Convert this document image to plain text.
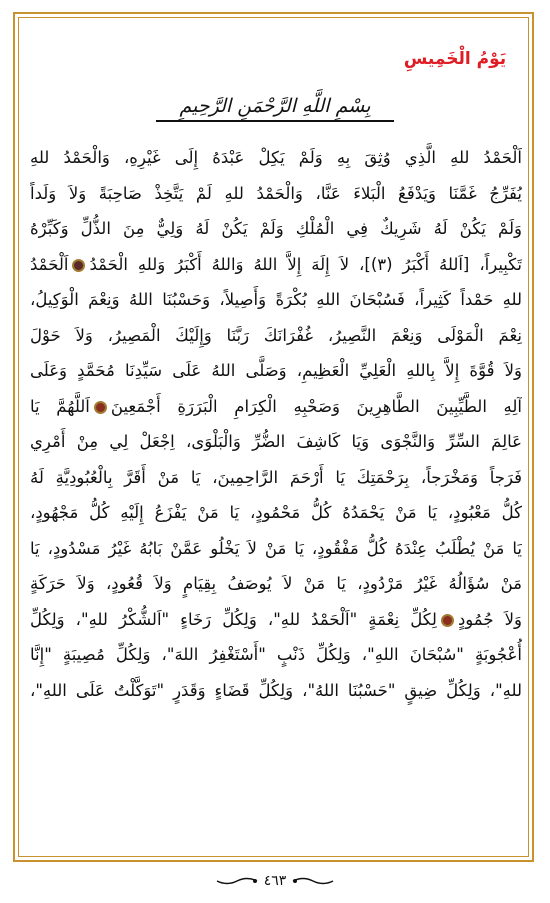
يَوْمُ الْخَمِيسِ
بِسْمِ اللَّهِ الرَّحْمَنِ الرَّحِيمِ
اَلْحَمْدُ للهِ الَّذِي وُثِقَ بِهِ وَلَمْ يَكِلْ عَبْدَهُ إِلَى غَيْرِهِ، وَالْحَمْدُ للهِ
يُفَرِّجُ غَمَّنَا وَيَدْفَعُ الْبَلاءَ عَنَّا، وَالْحَمْدُ للهِ لَمْ يَتَّخِذْ صَاحِبَةً وَلاَ وَلَداً
وَلَمْ يَكُنْ لَهُ شَرِيكٌ فِي الْمُلْكِ وَلَمْ يَكُنْ لَهُ وَلِيٌّ مِنَ الذُّلِّ وَكَبِّرْهُ
تَكْبِيراً، [اَللهُ أَكْبَرُ (٣)]، لاَ إِلَهَ إِلاَّ اللهُ وَاللهُ أَكْبَرُ وَللهِ الْحَمْدُاَلْحَمْدُ
للهِ حَمْداً كَثِيراً، فَسُبْحَانَ اللهِ بُكْرَةً وَأَصِيلاً، وَحَسْبُنَا اللهُ وَنِعْمَ الْوَكِيلُ،
نِعْمَ الْمَوْلَى وَنِعْمَ النَّصِيرُ، غُفْرَانَكَ رَبَّنَا وَإِلَيْكَ الْمَصِيرُ، وَلاَ حَوْلَ
وَلاَ قُوَّةَ إِلاَّ بِاللهِ الْعَلِيِّ الْعَظِيمِ، وَصَلَّى اللهُ عَلَى سَيِّدِنَا مُحَمَّدٍ وَعَلَى
آلِهِ الطَّيِّبِينَ الطَّاهِرِينَ وَصَحْبِهِ الْكِرَامِ الْبَرَرَةِ أَجْمَعِينَاَللَّهُمَّ يَا
عَالِمَ السِّرِّ وَالنَّجْوَى وَيَا كَاشِفَ الضُّرِّ وَالْبَلْوَى، اِجْعَلْ لِي مِنْ أَمْرِي
فَرَجاً وَمَخْرَجاً، بِرَحْمَتِكَ يَا أَرْحَمَ الرَّاحِمِينَ، يَا مَنْ أَقَرَّ بِالْعُبُودِيَّةِ لَهُ
كُلُّ مَعْبُودٍ، يَا مَنْ يَحْمَدُهُ كُلُّ مَحْمُودٍ، يَا مَنْ يَفْزَعُ إِلَيْهِ كُلُّ مَجْهُودٍ،
يَا مَنْ يُطْلَبُ عِنْدَهُ كُلُّ مَفْقُودٍ، يَا مَنْ لاَ يَخْلُو عَمَّنْ بَابُهُ غَيْرُ مَسْدُودٍ، يَا
مَنْ سُؤَالُهُ غَيْرُ مَرْدُودٍ، يَا مَنْ لاَ يُوصَفُ بِقِيَامٍ وَلاَ قُعُودٍ، وَلاَ حَرَكَةٍ
وَلاَ جُمُودٍلِكُلِّ نِعْمَةٍ "اَلْحَمْدُ للهِ"، وَلِكُلِّ رَخَاءٍ "اَلشُّكْرُ للهِ"، وَلِكُلِّ
أُعْجُوبَةٍ "سُبْحَانَ اللهِ"، وَلِكُلِّ ذَنْبٍ "أَسْتَغْفِرُ اللهَ"، وَلِكُلِّ مُصِيبَةٍ "إِنَّا
للهِ"، وَلِكُلِّ ضِيقٍ "حَسْبُنَا اللهُ"، وَلِكُلِّ قَضَاءٍ وَقَدَرٍ "تَوَكَّلْتُ عَلَى اللهِ"،
٤٦٣
